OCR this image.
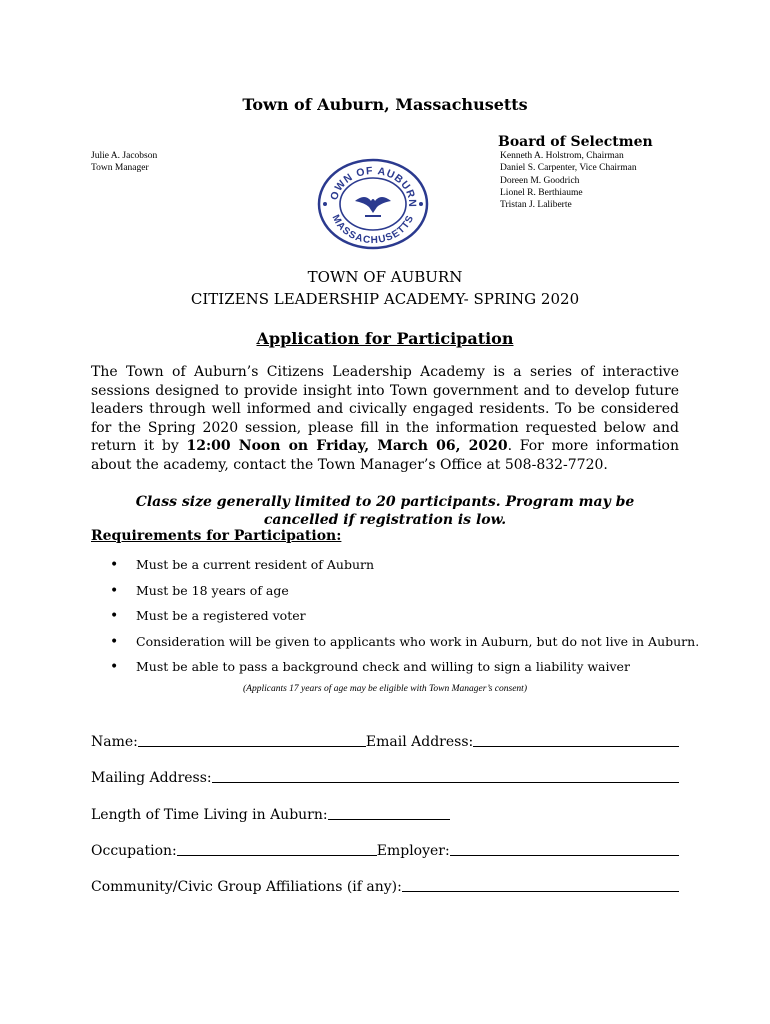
Town of Auburn, Massachusetts
Board of Selectmen
Julie A. Jacobson
Town Manager
Kenneth A. Holstrom, Chairman
Daniel S. Carpenter, Vice Chairman
Doreen M. Goodrich
Lionel R. Berthiaume
Tristan J. Laliberte
OWN OF AUBURN
MASSACHUSETTS
TOWN OF AUBURN
CITIZENS LEADERSHIP ACADEMY- SPRING 2020
Application for Participation
The Town of Auburn’s Citizens Leadership Academy is a series of interactive sessions designed to provide insight into Town government and to develop future leaders through well informed and civically engaged residents. To be considered for the Spring 2020 session, please fill in the information requested below and return it by 12:00 Noon on Friday, March 06, 2020. For more information about the academy, contact the Town Manager’s Office at 508-832-7720.
Class size generally limited to 20 participants. Program may be cancelled if registration is low.
Requirements for Participation:
• Must be a current resident of Auburn
• Must be 18 years of age
• Must be a registered voter
• Consideration will be given to applicants who work in Auburn, but do not live in Auburn.
• Must be able to pass a background check and willing to sign a liability waiver
(Applicants 17 years of age may be eligible with Town Manager’s consent)
Name:	Email Address:
Mailing Address:
Length of Time Living in Auburn:
Occupation:	Employer:
Community/Civic Group Affiliations (if any):
